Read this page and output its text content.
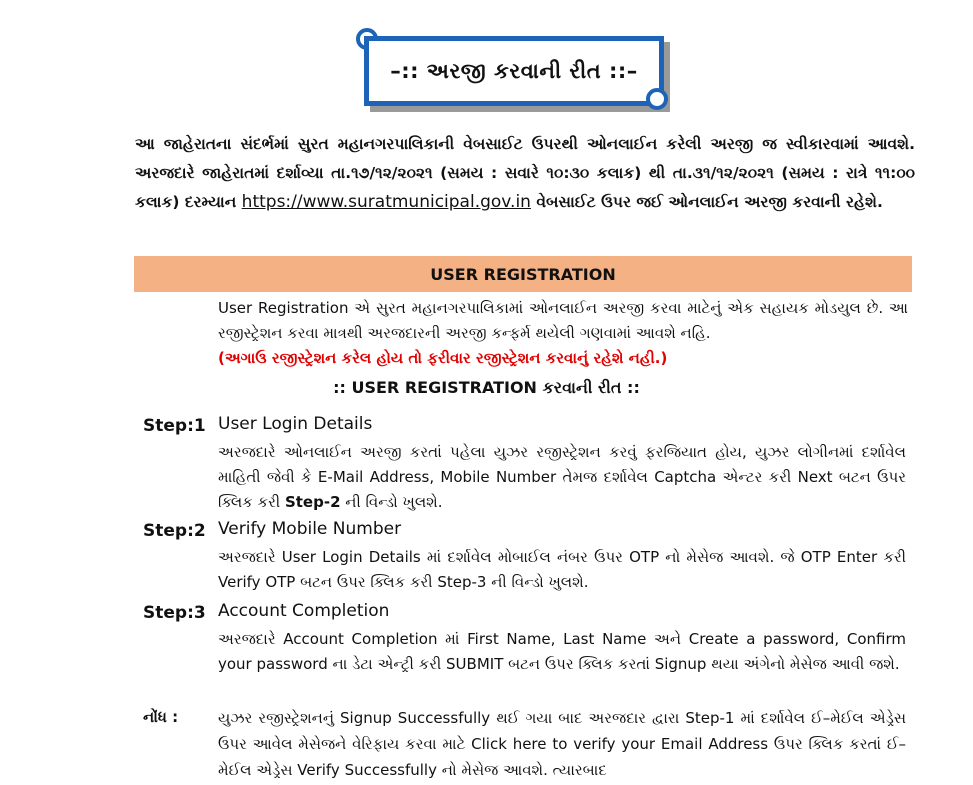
–:: અરજી કરવાની રીત ::–
આ જાહેરાતના સંદર્ભમાં સુરત મહાનગરપાલિકાની વેબસાઈટ ઉપરથી ઓનલાઈન કરેલી અરજી જ સ્વીકારવામાં આવશે. અરજદારે જાહેરાતમાં દર્શાવ્યા તા.૧૭/૧૨/૨૦૨૧ (સમય : સવારે ૧૦:૩૦ કલાક) થી તા.૩૧/૧૨/૨૦૨૧ (સમય : રાત્રે ૧૧:૦૦ કલાક) દરમ્યાન https://www.suratmunicipal.gov.in વેબસાઈટ ઉપર જઈ ઓનલાઈન અરજી કરવાની રહેશે.
USER REGISTRATION
User Registration એ સુરત મહાનગરપાલિકામાં ઓનલાઈન અરજી કરવા માટેનું એક સહાયક મોડયુલ છે. આ રજીસ્ટ્રેશન કરવા માત્રથી અરજદારની અરજી કન્ફર્મ થયેલી ગણવામાં આવશે નહિ.
(અગાઉ રજીસ્ટ્રેશન કરેલ હોય તો ફરીવાર રજીસ્ટ્રેશન કરવાનું રહેશે નહી.)
:: USER REGISTRATION કરવાની રીત ::
Step:1 User Login Details
અરજદારે ઓનલાઈન અરજી કરતાં પહેલા યુઝર રજીસ્ટ્રેશન કરવું ફરજિયાત હોય, યુઝર લોગીનમાં દર્શાવેલ માહિતી જેવી કે E-Mail Address, Mobile Number તેમજ દર્શાવેલ Captcha એન્ટર કરી Next બટન ઉપર ક્લિક કરી Step-2 ની વિન્ડો ખુલશે.
Step:2 Verify Mobile Number
અરજદારે User Login Details માં દર્શાવેલ મોબાઈલ નંબર ઉપર OTP નો મેસેજ આવશે. જે OTP Enter કરી Verify OTP બટન ઉપર ક્લિક કરી Step-3 ની વિન્ડો ખુલશે.
Step:3 Account Completion
અરજદારે Account Completion માં First Name, Last Name અને Create a password, Confirm your password ના ડેટા એન્ટ્રી કરી SUBMIT બટન ઉપર ક્લિક કરતાં Signup થયા અંગેનો મેસેજ આવી જશે.
નોંધ :	યુઝર રજીસ્ટ્રેશનનું Signup Successfully થઈ ગયા બાદ અરજદાર દ્વારા Step-1 માં દર્શાવેલ ઈ–મેઈલ એડ્રેસ ઉપર આવેલ મેસેજને વેરિફાય કરવા માટે Click here to verify your Email Address ઉપર ક્લિક કરતાં ઈ–મેઈલ એડ્રેસ Verify Successfully નો મેસેજ આવશે. ત્યારબાદ
